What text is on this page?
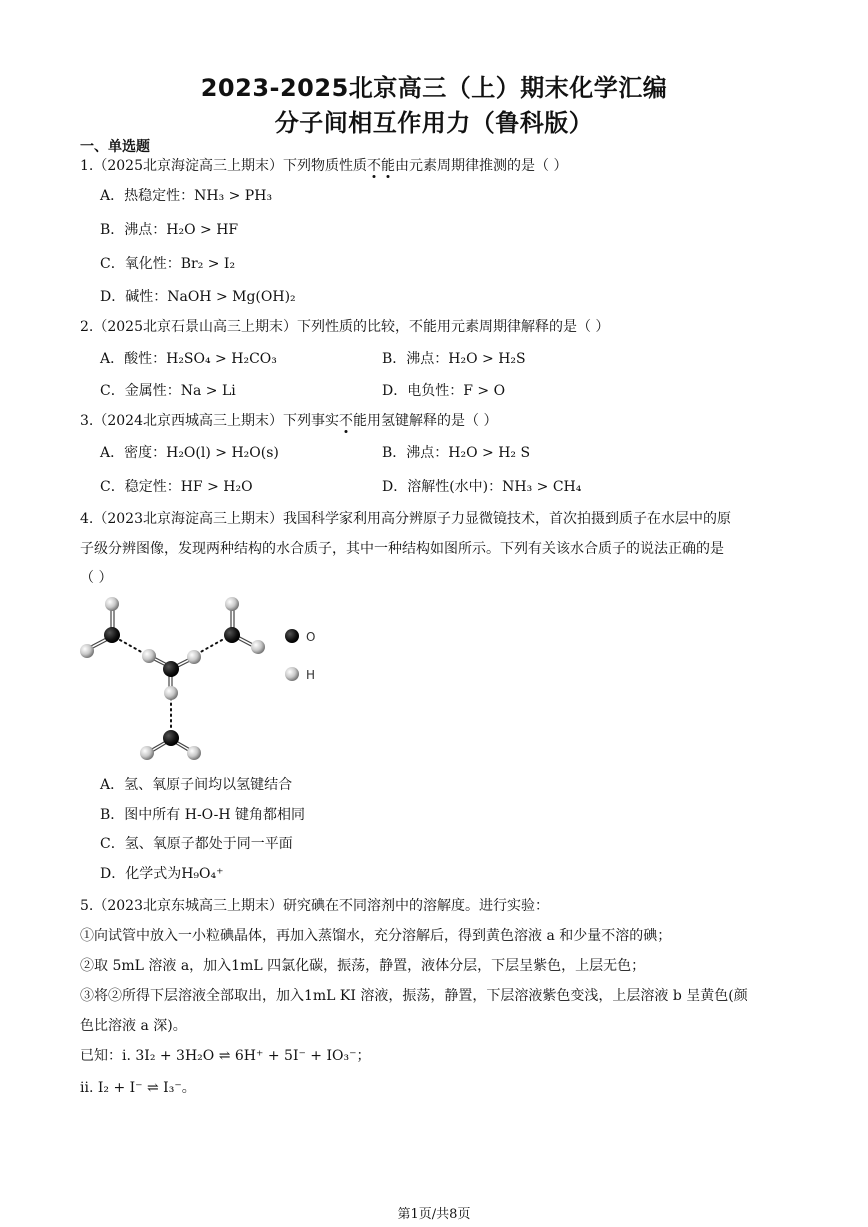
2023-2025北京高三（上）期末化学汇编
分子间相互作用力（鲁科版）
一、单选题
1.（2025北京海淀高三上期末）下列物质性质不能由元素周期律推测的是（ ）
A．热稳定性：NH₃ > PH₃
B．沸点：H₂O > HF
C．氧化性：Br₂ > I₂
D．碱性：NaOH > Mg(OH)₂
2.（2025北京石景山高三上期末）下列性质的比较，不能用元素周期律解释的是（ ）
A．酸性：H₂SO₄ > H₂CO₃	B．沸点：H₂O > H₂S
C．金属性：Na > Li	D．电负性：F > O
3.（2024北京西城高三上期末）下列事实不能用氢键解释的是（ ）
A．密度：H₂O(l) > H₂O(s)	B．沸点：H₂O > H₂ S
C．稳定性：HF > H₂O	D．溶解性(水中)：NH₃ > CH₄
4.（2023北京海淀高三上期末）我国科学家利用高分辨原子力显微镜技术，首次拍摄到质子在水层中的原
子级分辨图像，发现两种结构的水合质子，其中一种结构如图所示。下列有关该水合质子的说法正确的是
（ ）
O
H
A．氢、氧原子间均以氢键结合
B．图中所有 H-O-H 键角都相同
C．氢、氧原子都处于同一平面
D．化学式为H₉O₄⁺
5.（2023北京东城高三上期末）研究碘在不同溶剂中的溶解度。进行实验：
①向试管中放入一小粒碘晶体，再加入蒸馏水，充分溶解后，得到黄色溶液 a 和少量不溶的碘；
②取 5mL 溶液 a，加入1mL 四氯化碳，振荡，静置，液体分层，下层呈紫色，上层无色；
③将②所得下层溶液全部取出，加入1mL KI 溶液，振荡，静置，下层溶液紫色变浅，上层溶液 b 呈黄色(颜
色比溶液 a 深)。
已知：i. 3I₂ + 3H₂O ⇌ 6H⁺ + 5I⁻ + IO₃⁻；
ii. I₂ + I⁻ ⇌ I₃⁻。
第1页/共8页
